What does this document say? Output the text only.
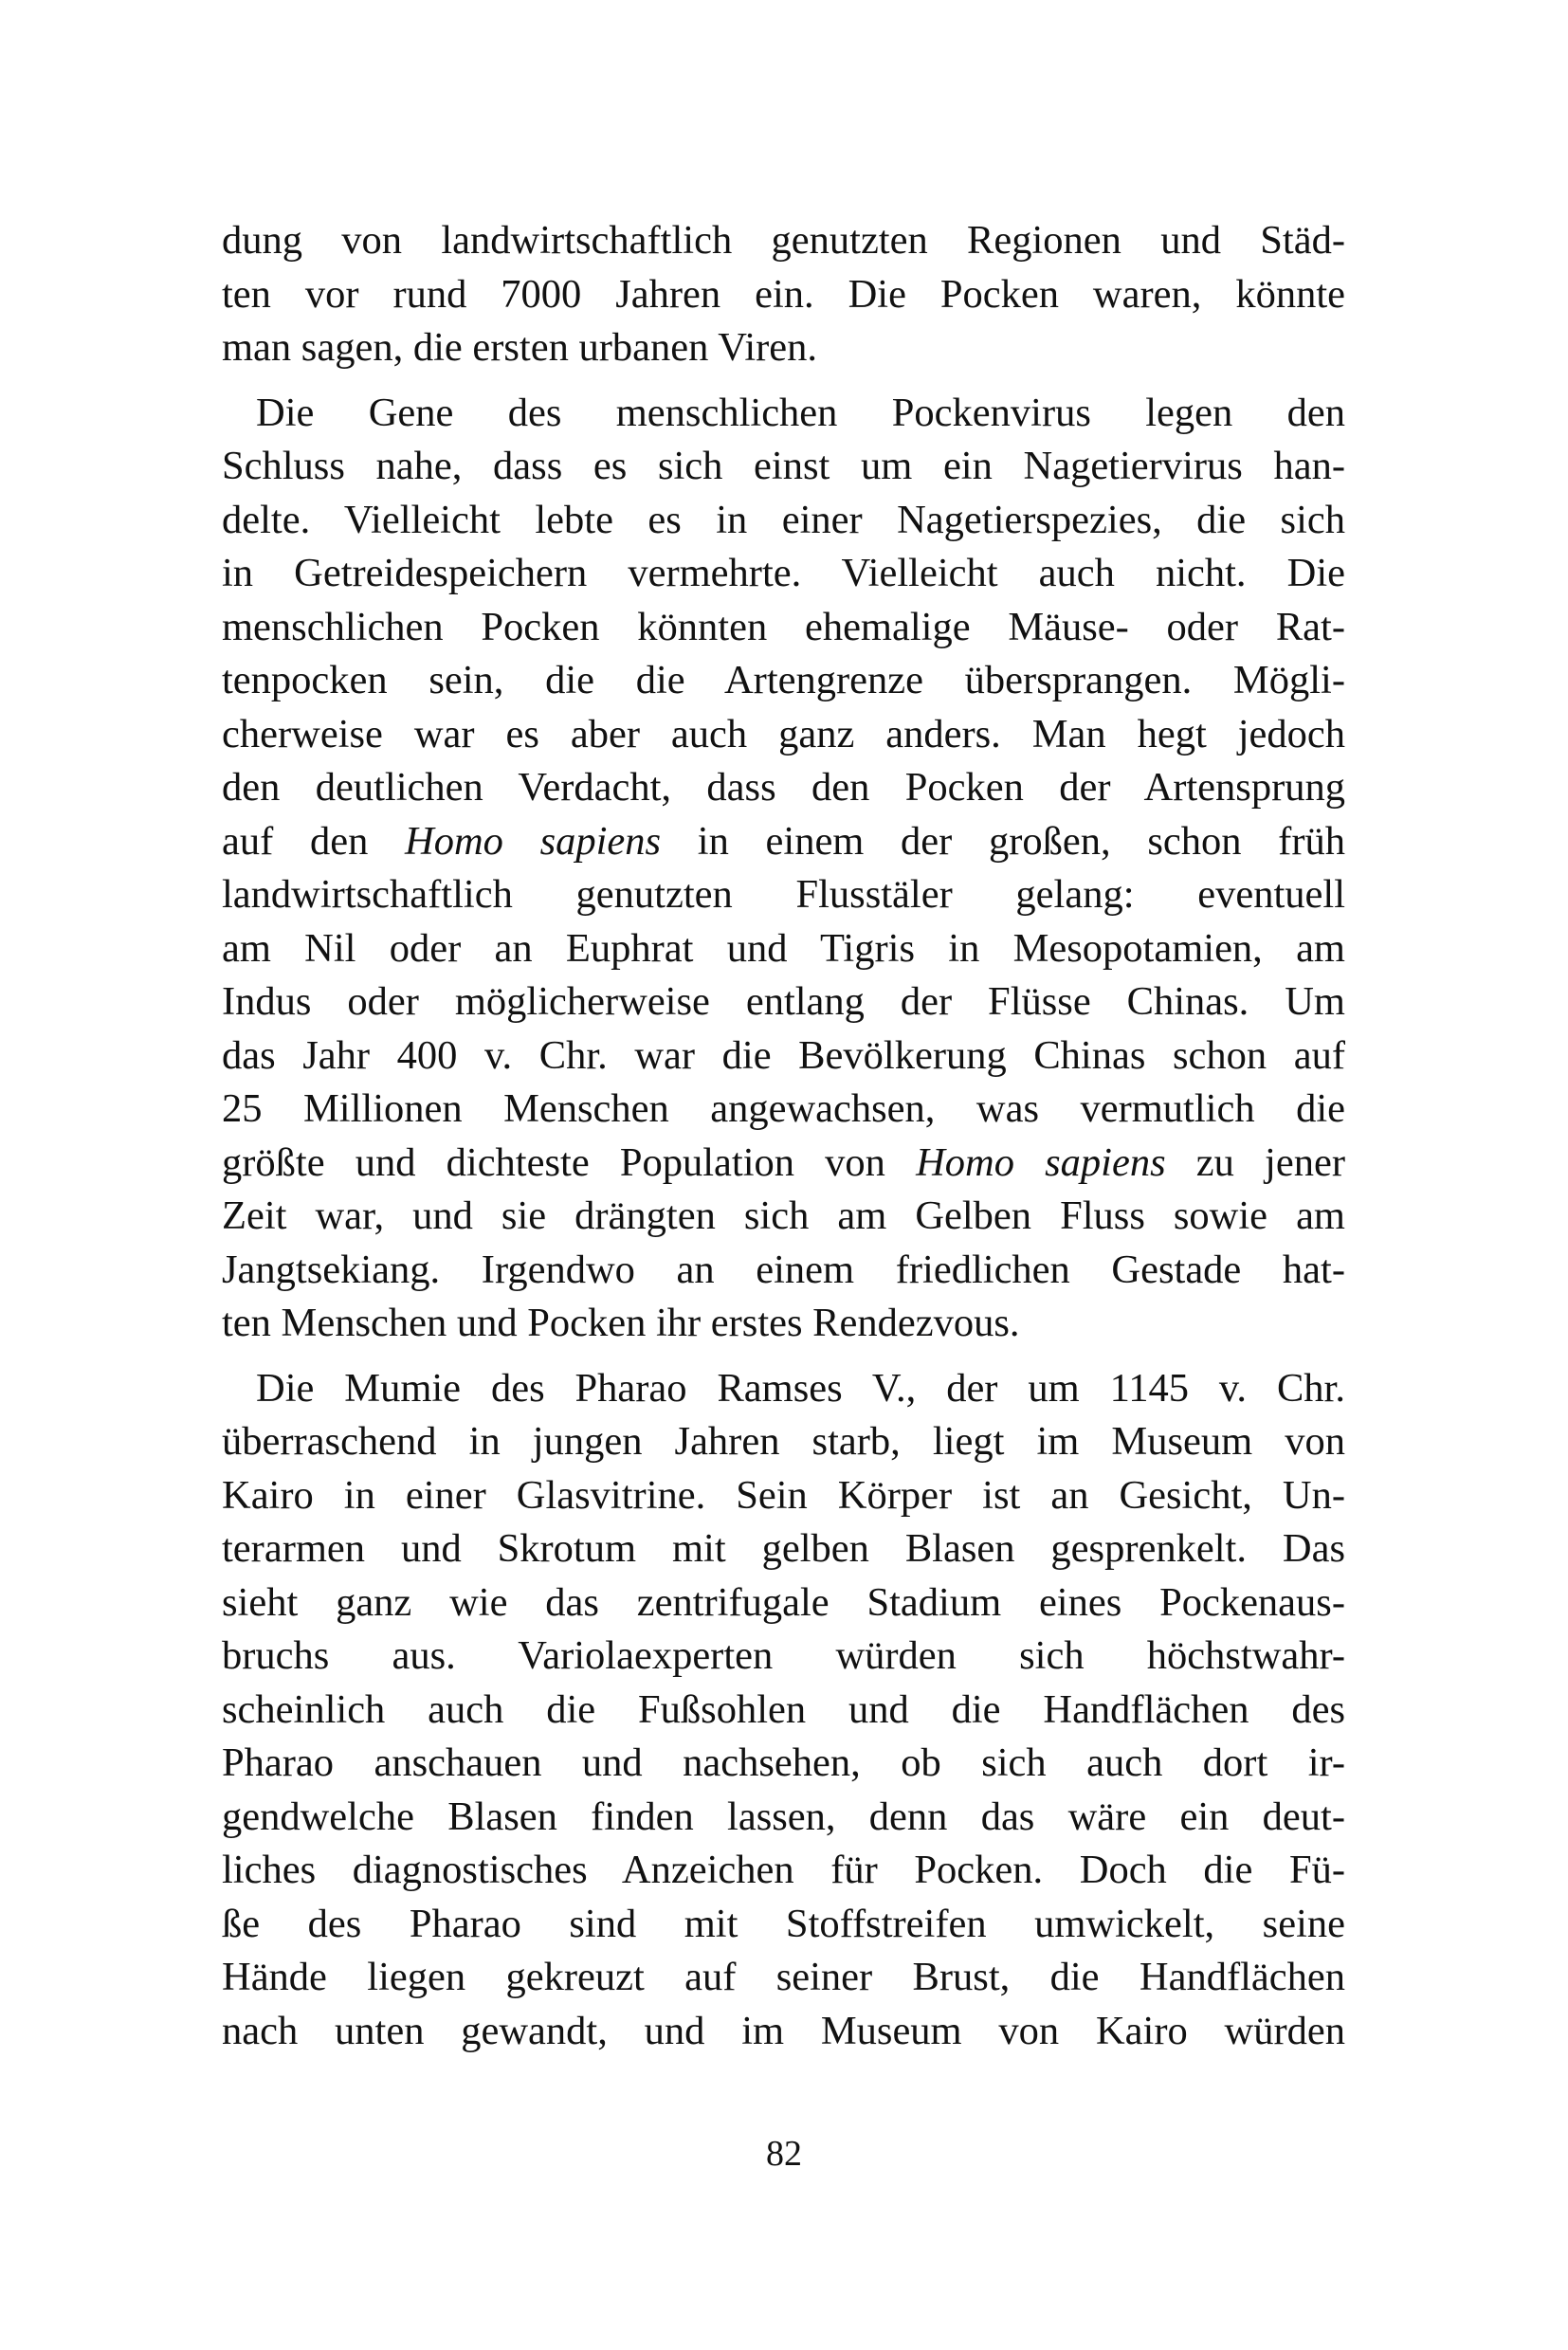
dung von landwirtschaftlich genutzten Regionen und Städ-
ten vor rund 7000 Jahren ein. Die Pocken waren, könnte
man sagen, die ersten urbanen Viren.

Die Gene des menschlichen Pockenvirus legen den
Schluss nahe, dass es sich einst um ein Nagetiervirus han-
delte. Vielleicht lebte es in einer Nagetierspezies, die sich
in Getreidespeichern vermehrte. Vielleicht auch nicht. Die
menschlichen Pocken könnten ehemalige Mäuse- oder Rat-
tenpocken sein, die die Artengrenze übersprangen. Mögli-
cherweise war es aber auch ganz anders. Man hegt jedoch
den deutlichen Verdacht, dass den Pocken der Artensprung
auf den Homo sapiens in einem der großen, schon früh
landwirtschaftlich genutzten Flusstäler gelang: eventuell
am Nil oder an Euphrat und Tigris in Mesopotamien, am
Indus oder möglicherweise entlang der Flüsse Chinas. Um
das Jahr 400 v. Chr. war die Bevölkerung Chinas schon auf
25 Millionen Menschen angewachsen, was vermutlich die
größte und dichteste Population von Homo sapiens zu jener
Zeit war, und sie drängten sich am Gelben Fluss sowie am
Jangtsekiang. Irgendwo an einem friedlichen Gestade hat-
ten Menschen und Pocken ihr erstes Rendezvous.

Die Mumie des Pharao Ramses V., der um 1145 v. Chr.
überraschend in jungen Jahren starb, liegt im Museum von
Kairo in einer Glasvitrine. Sein Körper ist an Gesicht, Un-
terarmen und Skrotum mit gelben Blasen gesprenkelt. Das
sieht ganz wie das zentrifugale Stadium eines Pockenaus-
bruchs aus. Variolaexperten würden sich höchstwahr-
scheinlich auch die Fußsohlen und die Handflächen des
Pharao anschauen und nachsehen, ob sich auch dort ir-
gendwelche Blasen finden lassen, denn das wäre ein deut-
liches diagnostisches Anzeichen für Pocken. Doch die Fü-
ße des Pharao sind mit Stoffstreifen umwickelt, seine
Hände liegen gekreuzt auf seiner Brust, die Handflächen
nach unten gewandt, und im Museum von Kairo würden

82
